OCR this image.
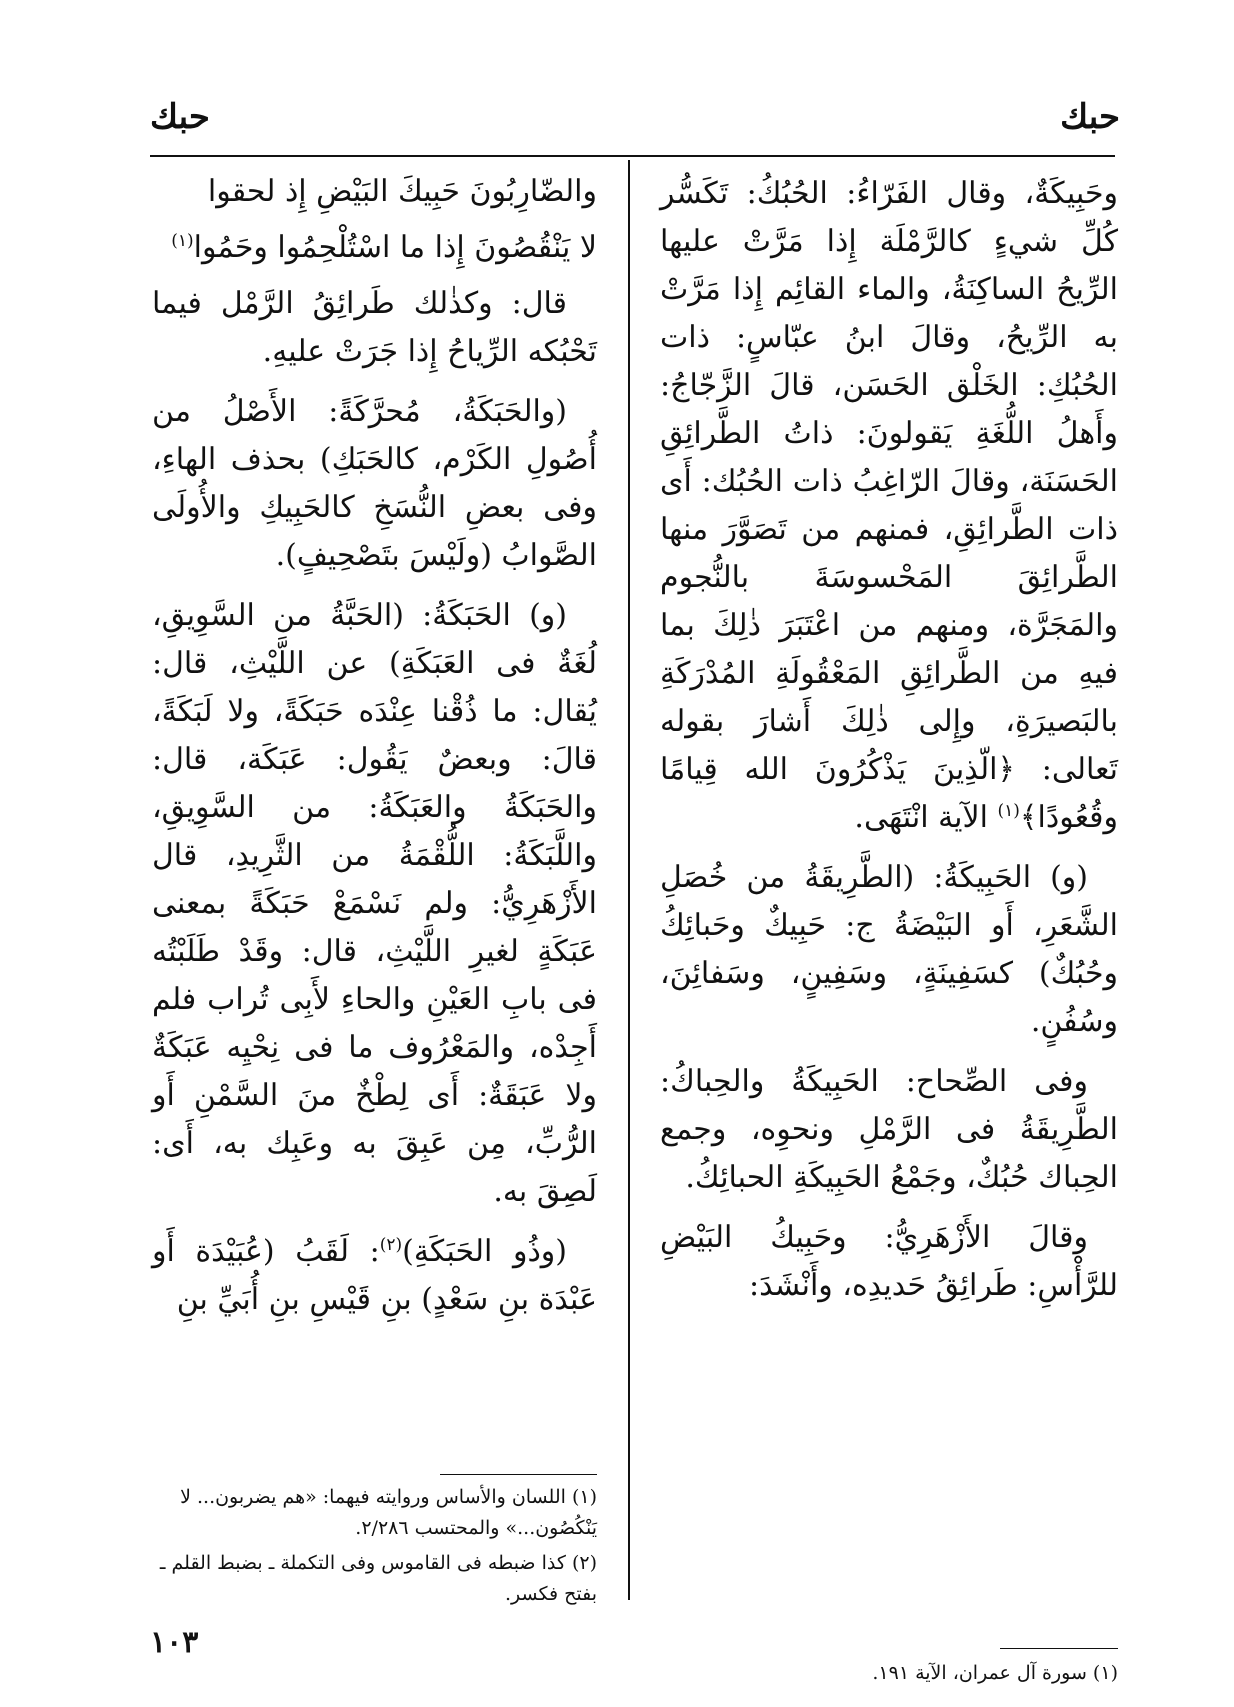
حبك
حبك

وحَبِيكَةٌ، وقال الفَرّاءُ: الحُبُكُ: تَكَسُّر كُلِّ شيءٍ كالرَّمْلَة إِذا مَرَّتْ عليها الرِّيحُ الساكِنَةُ، والماء القائِم إِذا مَرَّتْ به الرِّيحُ، وقالَ ابنُ عبّاسٍ: ذات الحُبُكِ: الخَلْق الحَسَن، قالَ الزَّجّاجُ: وأَهلُ اللُّغَةِ يَقولونَ: ذاتُ الطَّرائِقِ الحَسَنَة، وقالَ الرّاغِبُ ذات الحُبُك: أَى ذات الطَّرائِقِ، فمنهم من تَصَوَّرَ منها الطَّرائِقَ المَحْسوسَةَ بالنُّجوم والمَجَرَّة، ومنهم من اعْتَبَرَ ذٰلِكَ بما فيهِ من الطَّرائِقِ المَعْقُولَةِ المُدْرَكَةِ بالبَصيرَةِ، وإِلى ذٰلِكَ أَشارَ بقوله تَعالى: ﴿الّذِينَ يَذْكُرُونَ الله قِيامًا وقُعُودًا﴾$^{(١)}$ الآية انْتَهَى.

(و) الحَبِيكَةُ: (الطَّرِيقَةُ من خُصَلِ الشَّعَرِ، أَو البَيْضَةُ ج: حَبِيكٌ وحَبائِكُ وحُبُكٌ) كسَفِينَةٍ، وسَفِينٍ، وسَفائِنَ، وسُفُنٍ.

وفى الصِّحاح: الحَبِيكَةُ والحِباكُ: الطَّرِيقَةُ فى الرَّمْلِ ونحوِه، وجمع الحِباك حُبُكٌ، وجَمْعُ الحَبِيكَةِ الحبائِكُ.

وقالَ الأَزْهَرِيُّ: وحَبِيكُ البَيْضِ للرَّأْسِ: طَرائِقُ حَديدِه، وأَنْشَدَ:

والضّارِبُونَ حَبِيكَ البَيْضِ إِذ لحقوا
لا يَنْقُصُونَ إِذا ما اسْتُلْحِمُوا وحَمُوا$^{(١)}$

قال: وكذٰلك طَرائِقُ الرَّمْل فيما تَحْبُكه الرِّياحُ إِذا جَرَتْ عليهِ.

(والحَبَكَةُ، مُحرَّكَةً: الأَصْلُ من أُصُولِ الكَرْم، كالحَبَكِ) بحذف الهاءِ، وفى بعضِ النُّسَخِ كالحَبِيكِ والأُولَى الصَّوابُ (ولَيْسَ بتَصْحِيفٍ).

(و) الحَبَكَةُ: (الحَبَّةُ من السَّوِيقِ، لُغَةٌ فى العَبَكَةِ) عن اللَّيْثِ، قال: يُقال: ما ذُقْنا عِنْدَه حَبَكَةً، ولا لَبَكَةً، قالَ: وبعضٌ يَقُول: عَبَكَة، قال: والحَبَكَةُ والعَبَكَةُ: من السَّوِيقِ، واللَّبَكَةُ: اللُّقْمَةُ من الثَّرِيدِ، قال الأَزْهَرِيُّ: ولم نَسْمَعْ حَبَكَةً بمعنى عَبَكَةٍ لغيرِ اللَّيْثِ، قال: وقَدْ طَلَبْتُه فى بابِ العَيْنِ والحاءِ لأَبِى تُراب فلم أَجِدْه، والمَعْرُوف ما فى نِحْيِه عَبَكَةٌ ولا عَبَقَةٌ: أَى لِطْخٌ منَ السَّمْنِ أَو الرُّبِّ، مِن عَبِقَ به وعَبِك به، أَى: لَصِقَ به.

(وذُو الحَبَكَةِ)$^{(٢)}$: لَقَبُ (عُبَيْدَة أَو عَبْدَة بنِ سَعْدٍ) بنِ قَيْسِ بنِ أُبَيِّ بنِ

(١) اللسان والأساس وروايته فيهما: «هم يضربون... لا يَنْكُصُون...» والمحتسب ٢/٢٨٦.

(٢) كذا ضبطه فى القاموس وفى التكملة ـ بضبط القلم ـ بفتح فكسر.

(١) سورة آل عمران، الآية ١٩١.

١٠٣
